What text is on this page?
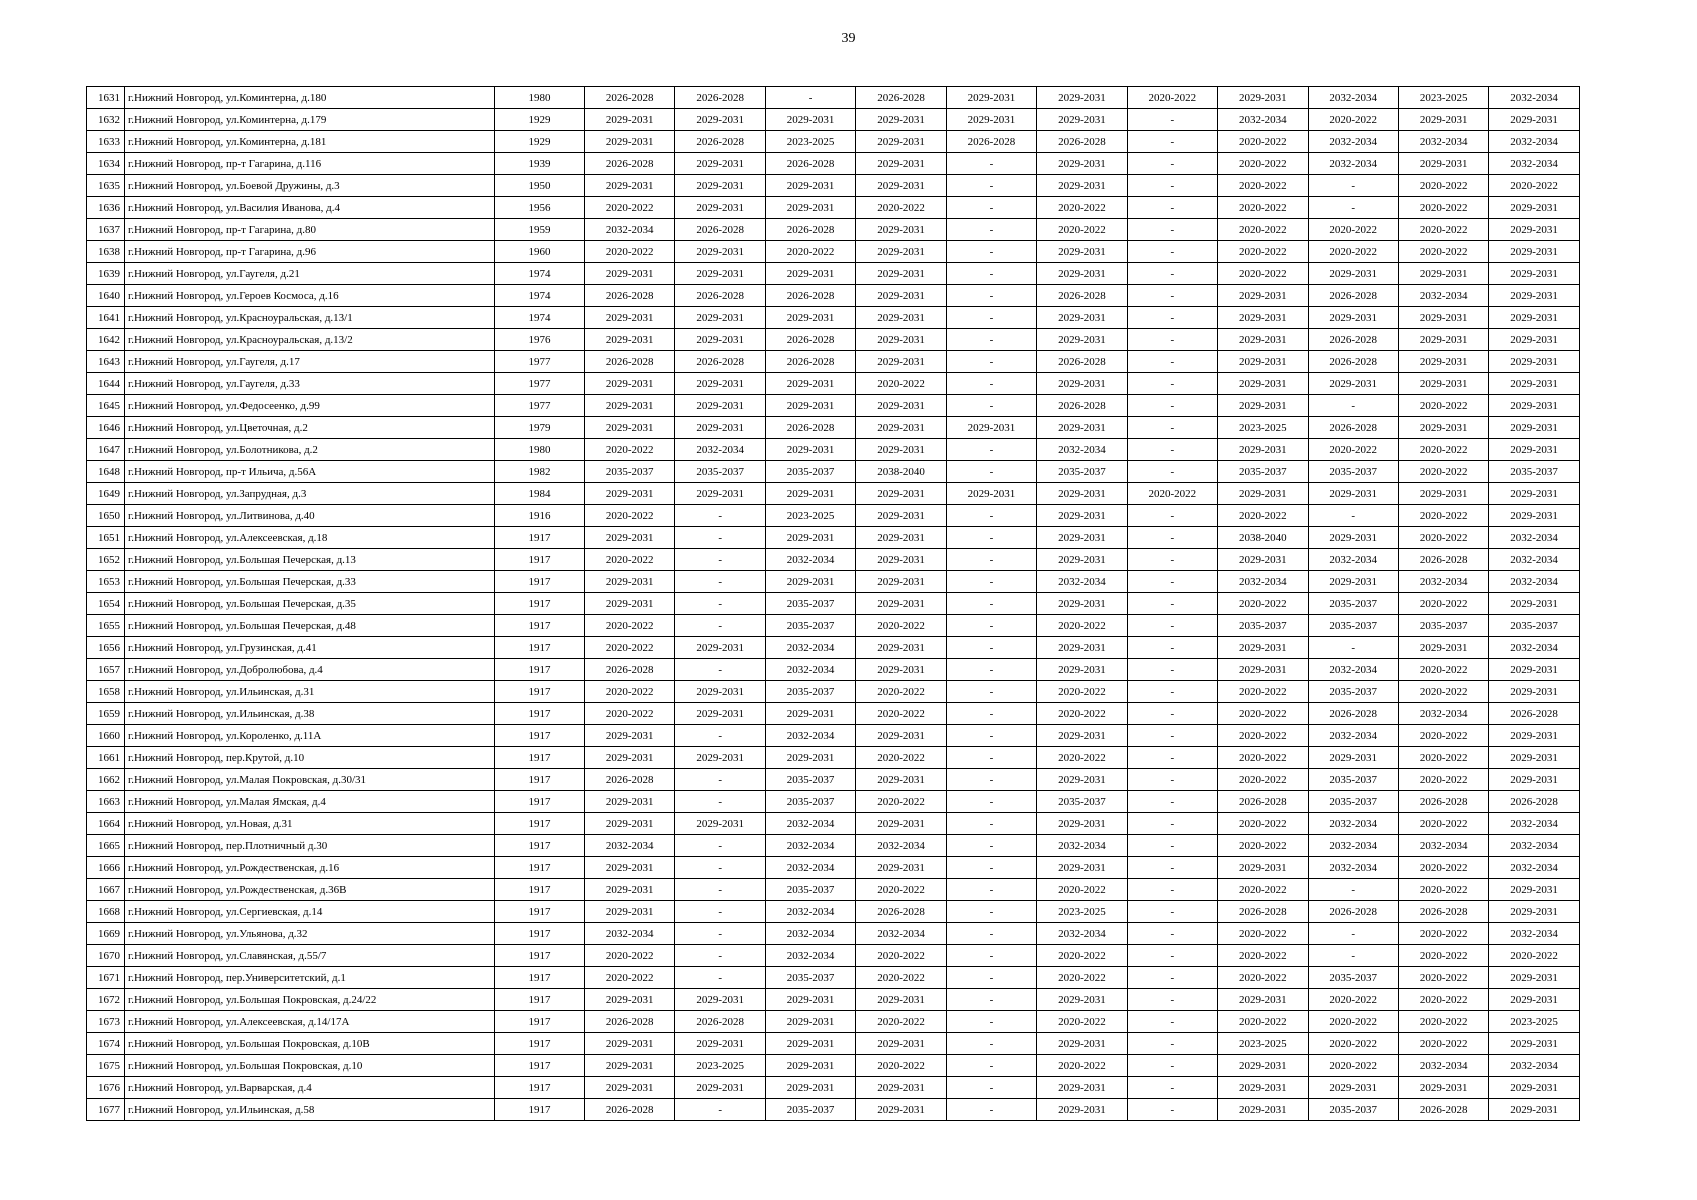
39
1631	г.Нижний Новгород, ул.Коминтерна, д.180	1980	2026-2028	2026-2028	-	2026-2028	2029-2031	2029-2031	2020-2022	2029-2031	2032-2034	2023-2025	2032-2034
1632	г.Нижний Новгород, ул.Коминтерна, д.179	1929	2029-2031	2029-2031	2029-2031	2029-2031	2029-2031	2029-2031	-	2032-2034	2020-2022	2029-2031	2029-2031
1633	г.Нижний Новгород, ул.Коминтерна, д.181	1929	2029-2031	2026-2028	2023-2025	2029-2031	2026-2028	2026-2028	-	2020-2022	2032-2034	2032-2034	2032-2034
1634	г.Нижний Новгород, пр-т Гагарина, д.116	1939	2026-2028	2029-2031	2026-2028	2029-2031	-	2029-2031	-	2020-2022	2032-2034	2029-2031	2032-2034
1635	г.Нижний Новгород, ул.Боевой Дружины, д.3	1950	2029-2031	2029-2031	2029-2031	2029-2031	-	2029-2031	-	2020-2022	-	2020-2022	2020-2022
1636	г.Нижний Новгород, ул.Василия Иванова, д.4	1956	2020-2022	2029-2031	2029-2031	2020-2022	-	2020-2022	-	2020-2022	-	2020-2022	2029-2031
1637	г.Нижний Новгород, пр-т Гагарина, д.80	1959	2032-2034	2026-2028	2026-2028	2029-2031	-	2020-2022	-	2020-2022	2020-2022	2020-2022	2029-2031
1638	г.Нижний Новгород, пр-т Гагарина, д.96	1960	2020-2022	2029-2031	2020-2022	2029-2031	-	2029-2031	-	2020-2022	2020-2022	2020-2022	2029-2031
1639	г.Нижний Новгород, ул.Гаугеля, д.21	1974	2029-2031	2029-2031	2029-2031	2029-2031	-	2029-2031	-	2020-2022	2029-2031	2029-2031	2029-2031
1640	г.Нижний Новгород, ул.Героев Космоса, д.16	1974	2026-2028	2026-2028	2026-2028	2029-2031	-	2026-2028	-	2029-2031	2026-2028	2032-2034	2029-2031
1641	г.Нижний Новгород, ул.Красноуральская, д.13/1	1974	2029-2031	2029-2031	2029-2031	2029-2031	-	2029-2031	-	2029-2031	2029-2031	2029-2031	2029-2031
1642	г.Нижний Новгород, ул.Красноуральская, д.13/2	1976	2029-2031	2029-2031	2026-2028	2029-2031	-	2029-2031	-	2029-2031	2026-2028	2029-2031	2029-2031
1643	г.Нижний Новгород, ул.Гаугеля, д.17	1977	2026-2028	2026-2028	2026-2028	2029-2031	-	2026-2028	-	2029-2031	2026-2028	2029-2031	2029-2031
1644	г.Нижний Новгород, ул.Гаугеля, д.33	1977	2029-2031	2029-2031	2029-2031	2020-2022	-	2029-2031	-	2029-2031	2029-2031	2029-2031	2029-2031
1645	г.Нижний Новгород, ул.Федосеенко, д.99	1977	2029-2031	2029-2031	2029-2031	2029-2031	-	2026-2028	-	2029-2031	-	2020-2022	2029-2031
1646	г.Нижний Новгород, ул.Цветочная, д.2	1979	2029-2031	2029-2031	2026-2028	2029-2031	2029-2031	2029-2031	-	2023-2025	2026-2028	2029-2031	2029-2031
1647	г.Нижний Новгород, ул.Болотникова, д.2	1980	2020-2022	2032-2034	2029-2031	2029-2031	-	2032-2034	-	2029-2031	2020-2022	2020-2022	2029-2031
1648	г.Нижний Новгород, пр-т Ильича, д.56А	1982	2035-2037	2035-2037	2035-2037	2038-2040	-	2035-2037	-	2035-2037	2035-2037	2020-2022	2035-2037
1649	г.Нижний Новгород, ул.Запрудная, д.3	1984	2029-2031	2029-2031	2029-2031	2029-2031	2029-2031	2029-2031	2020-2022	2029-2031	2029-2031	2029-2031	2029-2031
1650	г.Нижний Новгород, ул.Литвинова, д.40	1916	2020-2022	-	2023-2025	2029-2031	-	2029-2031	-	2020-2022	-	2020-2022	2029-2031
1651	г.Нижний Новгород, ул.Алексеевская, д.18	1917	2029-2031	-	2029-2031	2029-2031	-	2029-2031	-	2038-2040	2029-2031	2020-2022	2032-2034
1652	г.Нижний Новгород, ул.Большая Печерская, д.13	1917	2020-2022	-	2032-2034	2029-2031	-	2029-2031	-	2029-2031	2032-2034	2026-2028	2032-2034
1653	г.Нижний Новгород, ул.Большая Печерская, д.33	1917	2029-2031	-	2029-2031	2029-2031	-	2032-2034	-	2032-2034	2029-2031	2032-2034	2032-2034
1654	г.Нижний Новгород, ул.Большая Печерская, д.35	1917	2029-2031	-	2035-2037	2029-2031	-	2029-2031	-	2020-2022	2035-2037	2020-2022	2029-2031
1655	г.Нижний Новгород, ул.Большая Печерская, д.48	1917	2020-2022	-	2035-2037	2020-2022	-	2020-2022	-	2035-2037	2035-2037	2035-2037	2035-2037
1656	г.Нижний Новгород, ул.Грузинская, д.41	1917	2020-2022	2029-2031	2032-2034	2029-2031	-	2029-2031	-	2029-2031	-	2029-2031	2032-2034
1657	г.Нижний Новгород, ул.Добролюбова, д.4	1917	2026-2028	-	2032-2034	2029-2031	-	2029-2031	-	2029-2031	2032-2034	2020-2022	2029-2031
1658	г.Нижний Новгород, ул.Ильинская, д.31	1917	2020-2022	2029-2031	2035-2037	2020-2022	-	2020-2022	-	2020-2022	2035-2037	2020-2022	2029-2031
1659	г.Нижний Новгород, ул.Ильинская, д.38	1917	2020-2022	2029-2031	2029-2031	2020-2022	-	2020-2022	-	2020-2022	2026-2028	2032-2034	2026-2028
1660	г.Нижний Новгород, ул.Короленко, д.11А	1917	2029-2031	-	2032-2034	2029-2031	-	2029-2031	-	2020-2022	2032-2034	2020-2022	2029-2031
1661	г.Нижний Новгород, пер.Крутой, д.10	1917	2029-2031	2029-2031	2029-2031	2020-2022	-	2020-2022	-	2020-2022	2029-2031	2020-2022	2029-2031
1662	г.Нижний Новгород, ул.Малая Покровская, д.30/31	1917	2026-2028	-	2035-2037	2029-2031	-	2029-2031	-	2020-2022	2035-2037	2020-2022	2029-2031
1663	г.Нижний Новгород, ул.Малая Ямская, д.4	1917	2029-2031	-	2035-2037	2020-2022	-	2035-2037	-	2026-2028	2035-2037	2026-2028	2026-2028
1664	г.Нижний Новгород, ул.Новая, д.31	1917	2029-2031	2029-2031	2032-2034	2029-2031	-	2029-2031	-	2020-2022	2032-2034	2020-2022	2032-2034
1665	г.Нижний Новгород, пер.Плотничный д.30	1917	2032-2034	-	2032-2034	2032-2034	-	2032-2034	-	2020-2022	2032-2034	2032-2034	2032-2034
1666	г.Нижний Новгород, ул.Рождественская, д.16	1917	2029-2031	-	2032-2034	2029-2031	-	2029-2031	-	2029-2031	2032-2034	2020-2022	2032-2034
1667	г.Нижний Новгород, ул.Рождественская, д.36В	1917	2029-2031	-	2035-2037	2020-2022	-	2020-2022	-	2020-2022	-	2020-2022	2029-2031
1668	г.Нижний Новгород, ул.Сергиевская, д.14	1917	2029-2031	-	2032-2034	2026-2028	-	2023-2025	-	2026-2028	2026-2028	2026-2028	2029-2031
1669	г.Нижний Новгород, ул.Ульянова, д.32	1917	2032-2034	-	2032-2034	2032-2034	-	2032-2034	-	2020-2022	-	2020-2022	2032-2034
1670	г.Нижний Новгород, ул.Славянская, д.55/7	1917	2020-2022	-	2032-2034	2020-2022	-	2020-2022	-	2020-2022	-	2020-2022	2020-2022
1671	г.Нижний Новгород, пер.Университетский, д.1	1917	2020-2022	-	2035-2037	2020-2022	-	2020-2022	-	2020-2022	2035-2037	2020-2022	2029-2031
1672	г.Нижний Новгород, ул.Большая Покровская, д.24/22	1917	2029-2031	2029-2031	2029-2031	2029-2031	-	2029-2031	-	2029-2031	2020-2022	2020-2022	2029-2031
1673	г.Нижний Новгород, ул.Алексеевская, д.14/17А	1917	2026-2028	2026-2028	2029-2031	2020-2022	-	2020-2022	-	2020-2022	2020-2022	2020-2022	2023-2025
1674	г.Нижний Новгород, ул.Большая Покровская, д.10В	1917	2029-2031	2029-2031	2029-2031	2029-2031	-	2029-2031	-	2023-2025	2020-2022	2020-2022	2029-2031
1675	г.Нижний Новгород, ул.Большая Покровская, д.10	1917	2029-2031	2023-2025	2029-2031	2020-2022	-	2020-2022	-	2029-2031	2020-2022	2032-2034	2032-2034
1676	г.Нижний Новгород, ул.Варварская, д.4	1917	2029-2031	2029-2031	2029-2031	2029-2031	-	2029-2031	-	2029-2031	2029-2031	2029-2031	2029-2031
1677	г.Нижний Новгород, ул.Ильинская, д.58	1917	2026-2028	-	2035-2037	2029-2031	-	2029-2031	-	2029-2031	2035-2037	2026-2028	2029-2031
